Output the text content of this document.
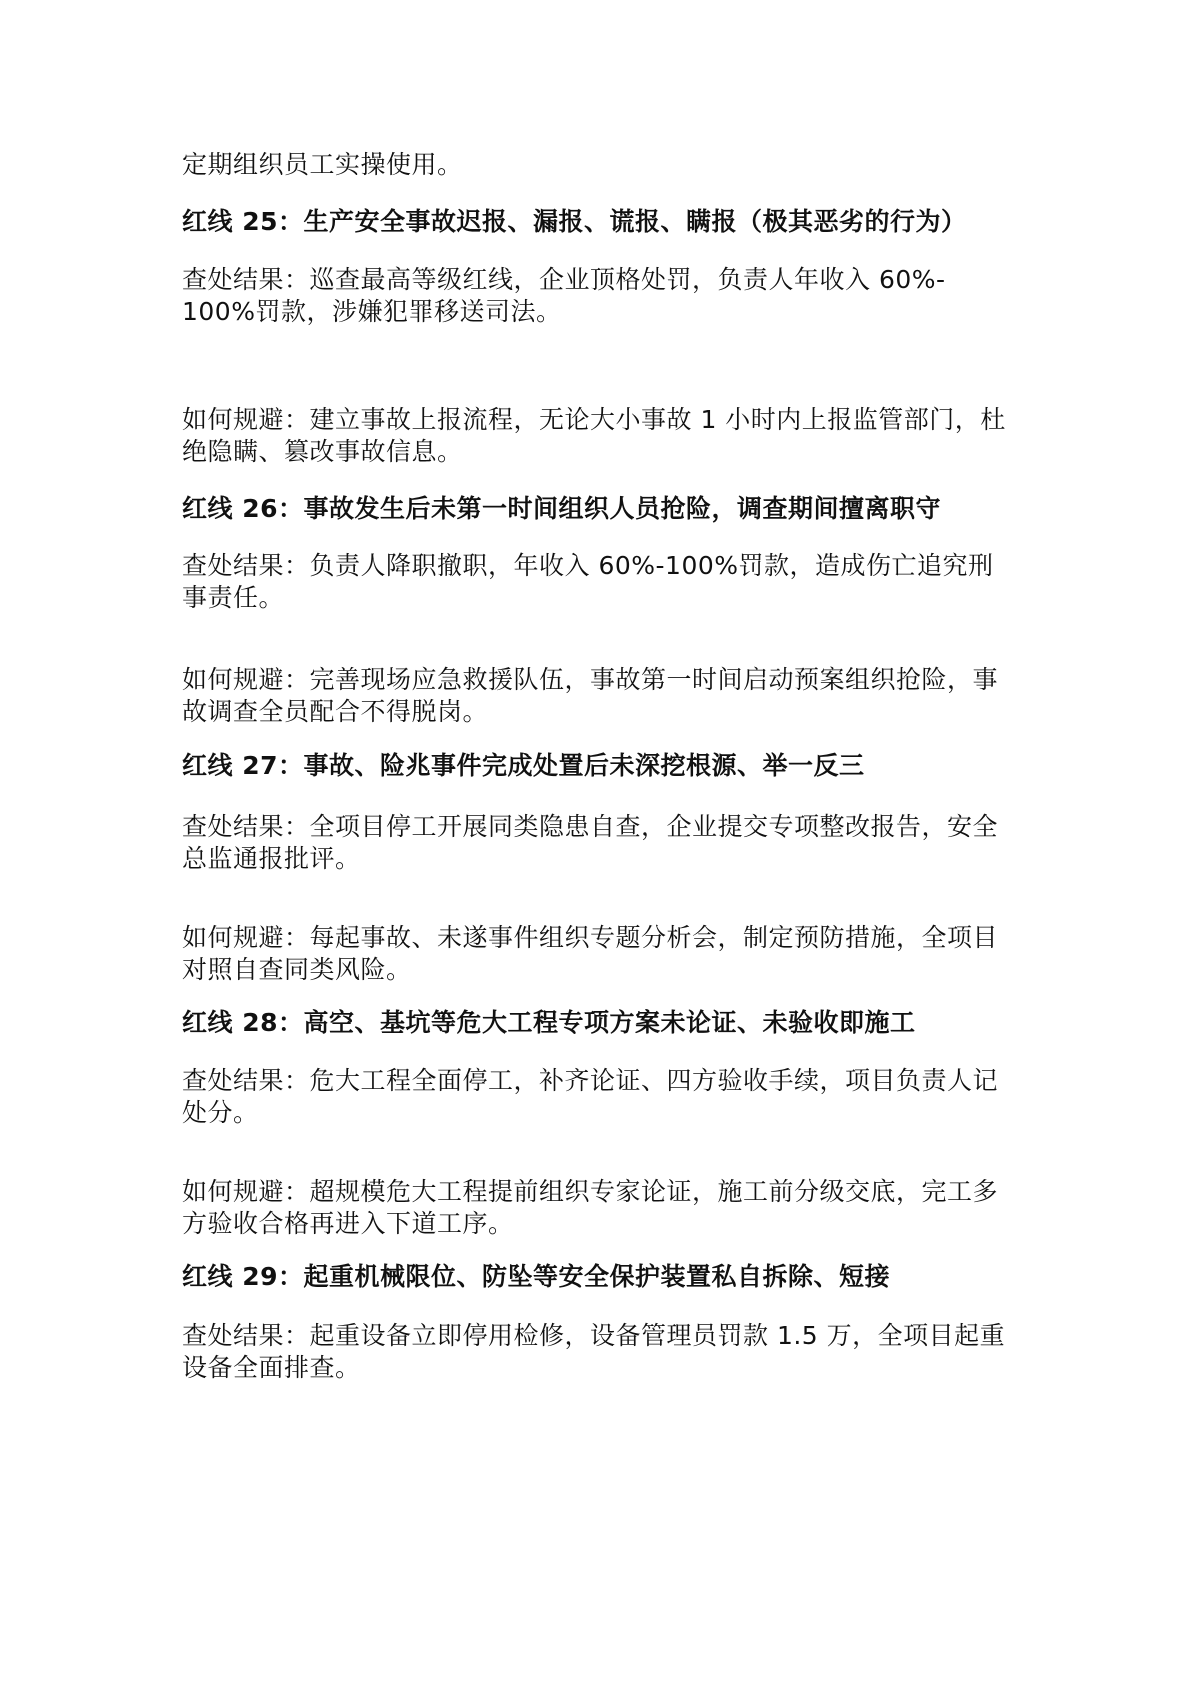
定期组织员工实操使用。
红线 25：生产安全事故迟报、漏报、谎报、瞒报（极其恶劣的行为）
查处结果：巡查最高等级红线，企业顶格处罚，负责人年收入 60%-
100%罚款，涉嫌犯罪移送司法。
如何规避：建立事故上报流程，无论大小事故 1 小时内上报监管部门，杜
绝隐瞒、篡改事故信息。
红线 26：事故发生后未第一时间组织人员抢险，调查期间擅离职守
查处结果：负责人降职撤职，年收入 60%-100%罚款，造成伤亡追究刑
事责任。
如何规避：完善现场应急救援队伍，事故第一时间启动预案组织抢险，事
故调查全员配合不得脱岗。
红线 27：事故、险兆事件完成处置后未深挖根源、举一反三
查处结果：全项目停工开展同类隐患自查，企业提交专项整改报告，安全
总监通报批评。
如何规避：每起事故、未遂事件组织专题分析会，制定预防措施，全项目
对照自查同类风险。
红线 28：高空、基坑等危大工程专项方案未论证、未验收即施工
查处结果：危大工程全面停工，补齐论证、四方验收手续，项目负责人记
处分。
如何规避：超规模危大工程提前组织专家论证，施工前分级交底，完工多
方验收合格再进入下道工序。
红线 29：起重机械限位、防坠等安全保护装置私自拆除、短接
查处结果：起重设备立即停用检修，设备管理员罚款 1.5 万，全项目起重
设备全面排查。
